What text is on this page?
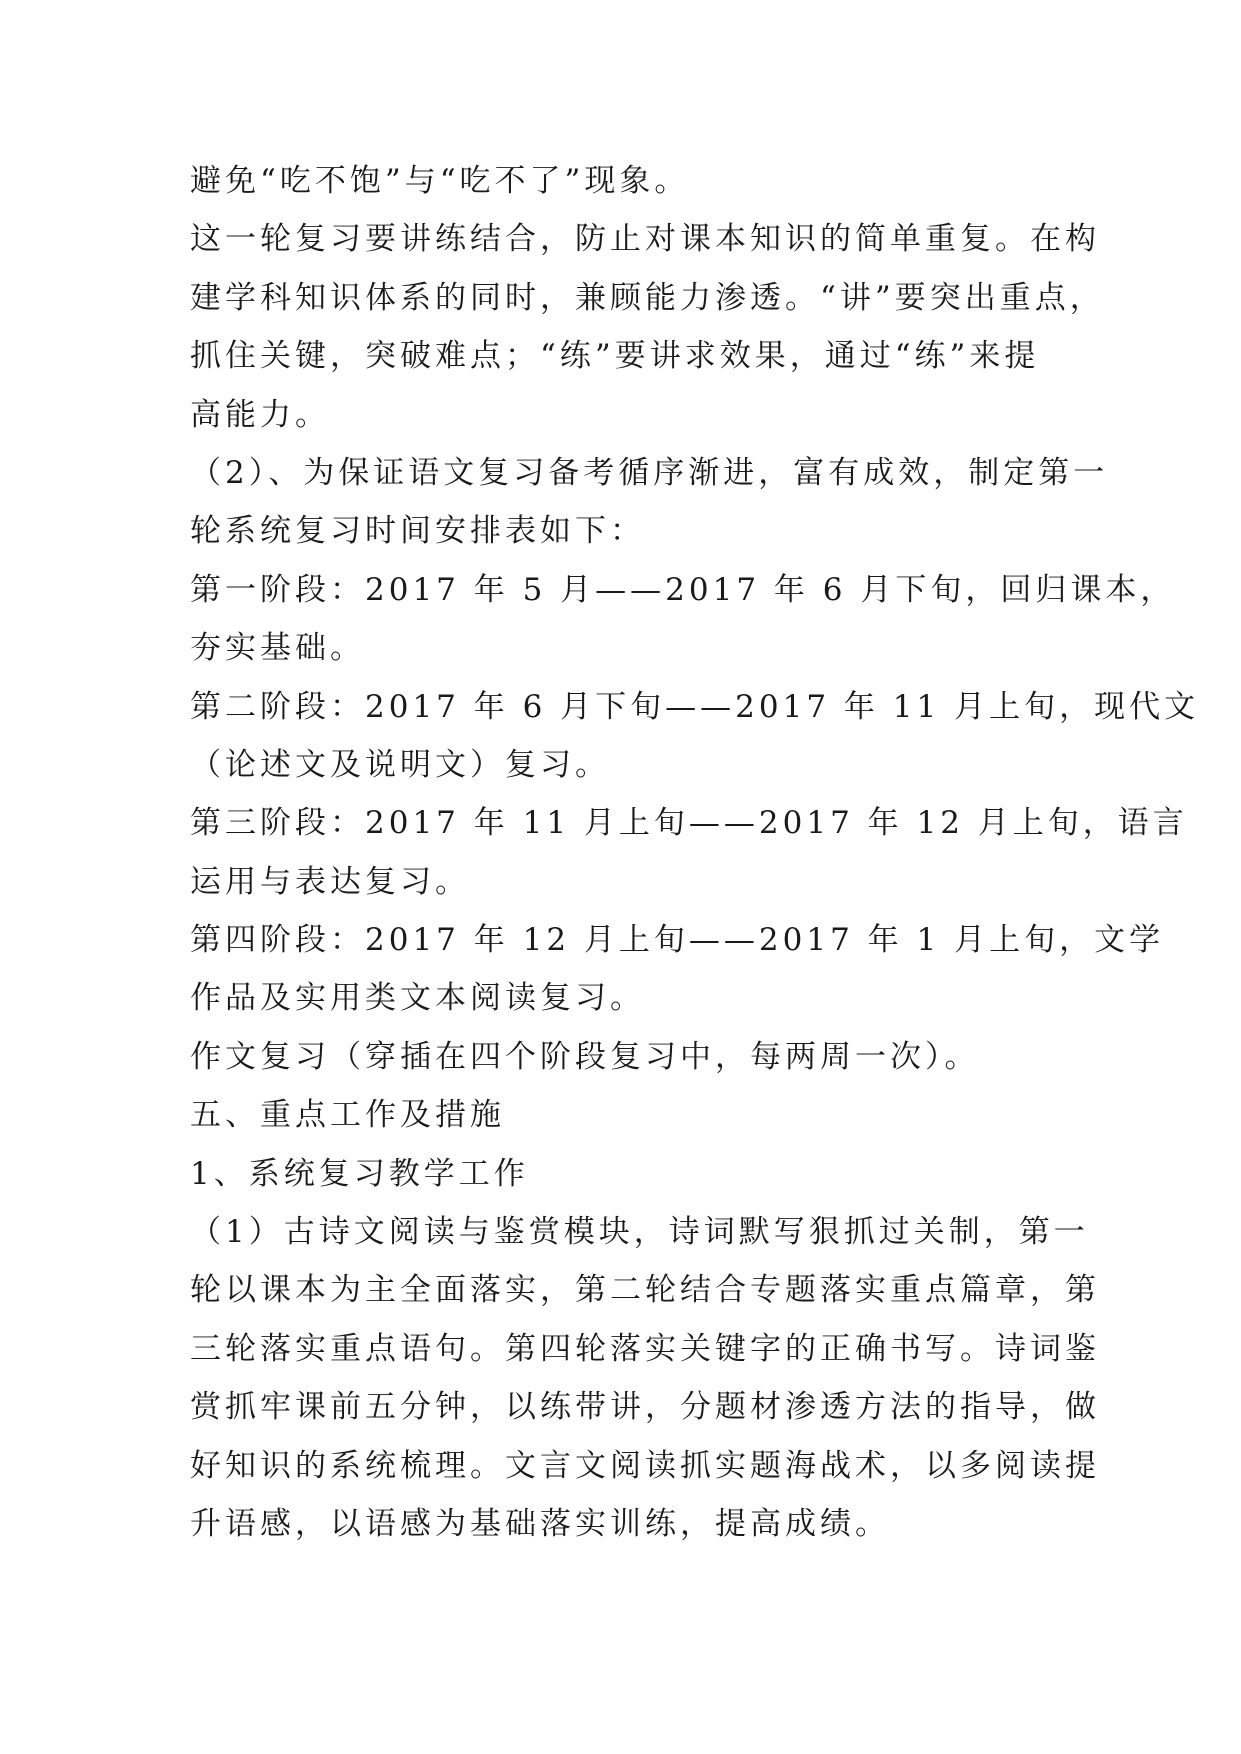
避免“吃不饱”与“吃不了”现象。
这一轮复习要讲练结合，防止对课本知识的简单重复。在构
建学科知识体系的同时，兼顾能力渗透。“讲”要突出重点，
抓住关键，突破难点；“练”要讲求效果，通过“练”来提
高能力。
（2）、为保证语文复习备考循序渐进，富有成效，制定第一
轮系统复习时间安排表如下：
第一阶段：2017 年 5 月——2017 年 6 月下旬，回归课本，
夯实基础。
第二阶段：2017 年 6 月下旬——2017 年 11 月上旬，现代文
（论述文及说明文）复习。
第三阶段：2017 年 11 月上旬——2017 年 12 月上旬，语言
运用与表达复习。
第四阶段：2017 年 12 月上旬——2017 年 1 月上旬，文学
作品及实用类文本阅读复习。
作文复习（穿插在四个阶段复习中，每两周一次）。
五、重点工作及措施
1、系统复习教学工作
（1）古诗文阅读与鉴赏模块，诗词默写狠抓过关制，第一
轮以课本为主全面落实，第二轮结合专题落实重点篇章，第
三轮落实重点语句。第四轮落实关键字的正确书写。诗词鉴
赏抓牢课前五分钟，以练带讲，分题材渗透方法的指导，做
好知识的系统梳理。文言文阅读抓实题海战术，以多阅读提
升语感，以语感为基础落实训练，提高成绩。
